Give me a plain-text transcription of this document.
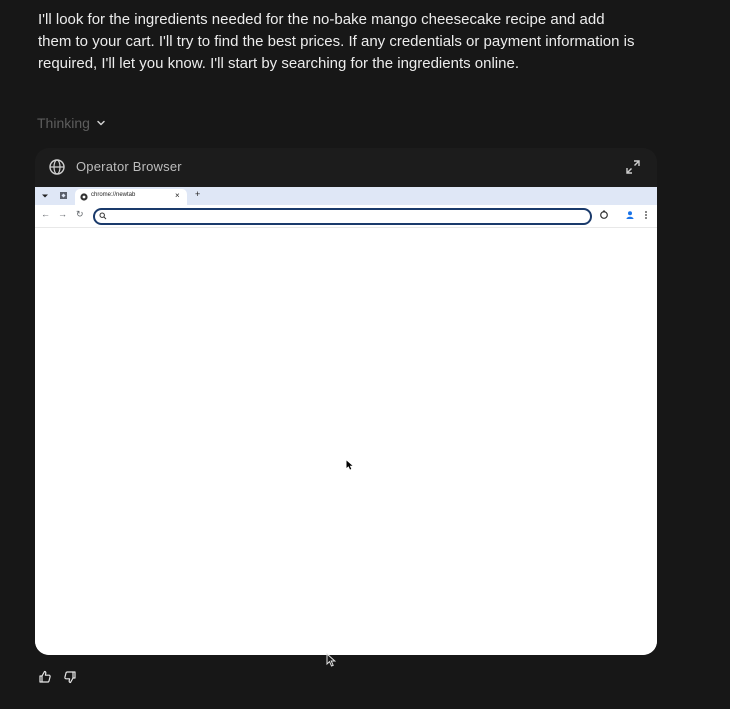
I'll look for the ingredients needed for the no-bake mango cheesecake recipe and add them to your cart. I'll try to find the best prices. If any credentials or payment information is required, I'll let you know. I'll start by searching for the ingredients online.

Thinking
Operator Browser
chrome://newtab	× +
← → ↻
